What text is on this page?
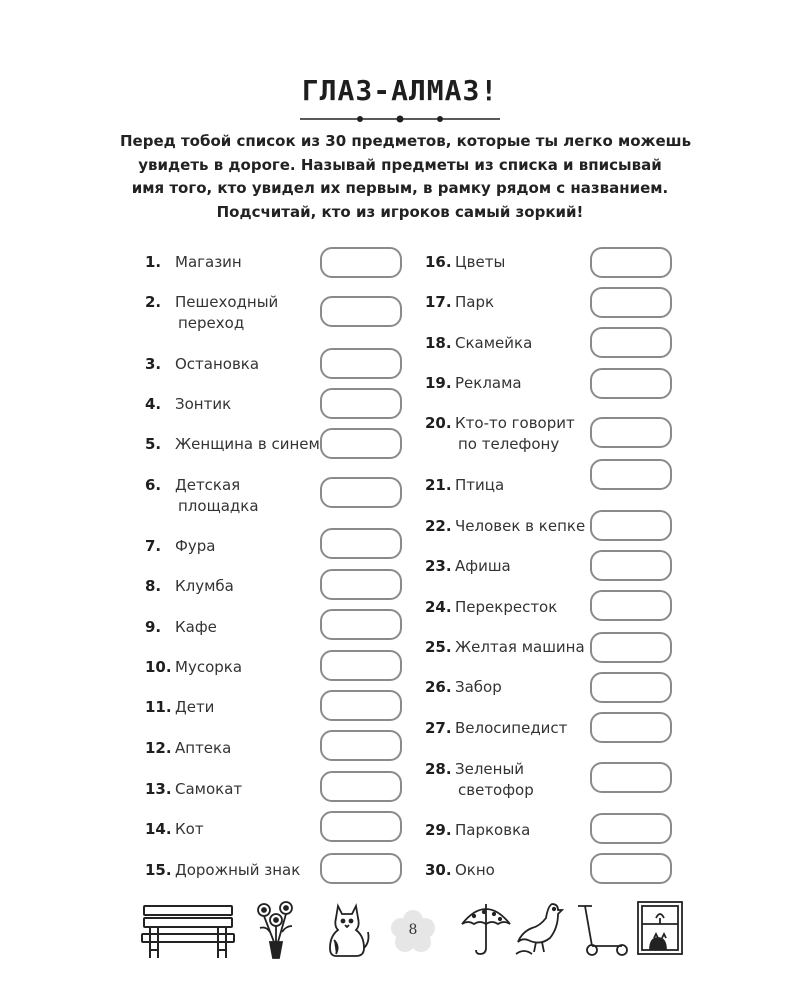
ГЛАЗ-АЛМАЗ!
Перед тобой список из 30 предметов, которые ты легко можешь
увидеть в дороге. Называй предметы из списка и вписывай
имя того, кто увидел их первым, в рамку рядом с названием.
Подсчитай, кто из игроков самый зоркий!
1. Магазин
2. Пешеходный
переход
3. Остановка
4. Зонтик
5. Женщина в синем
6. Детская
площадка
7. Фура
8. Клумба
9. Кафе
10. Мусорка
11. Дети
12. Аптека
13. Самокат
14. Кот
15. Дорожный знак
16. Цветы
17. Парк
18. Скамейка
19. Реклама
20. Кто-то говорит
по телефону
21. Птица
22. Человек в кепке
23. Афиша
24. Перекресток
25. Желтая машина
26. Забор
27. Велосипедист
28. Зеленый
светофор
29. Парковка
30. Окно
8
